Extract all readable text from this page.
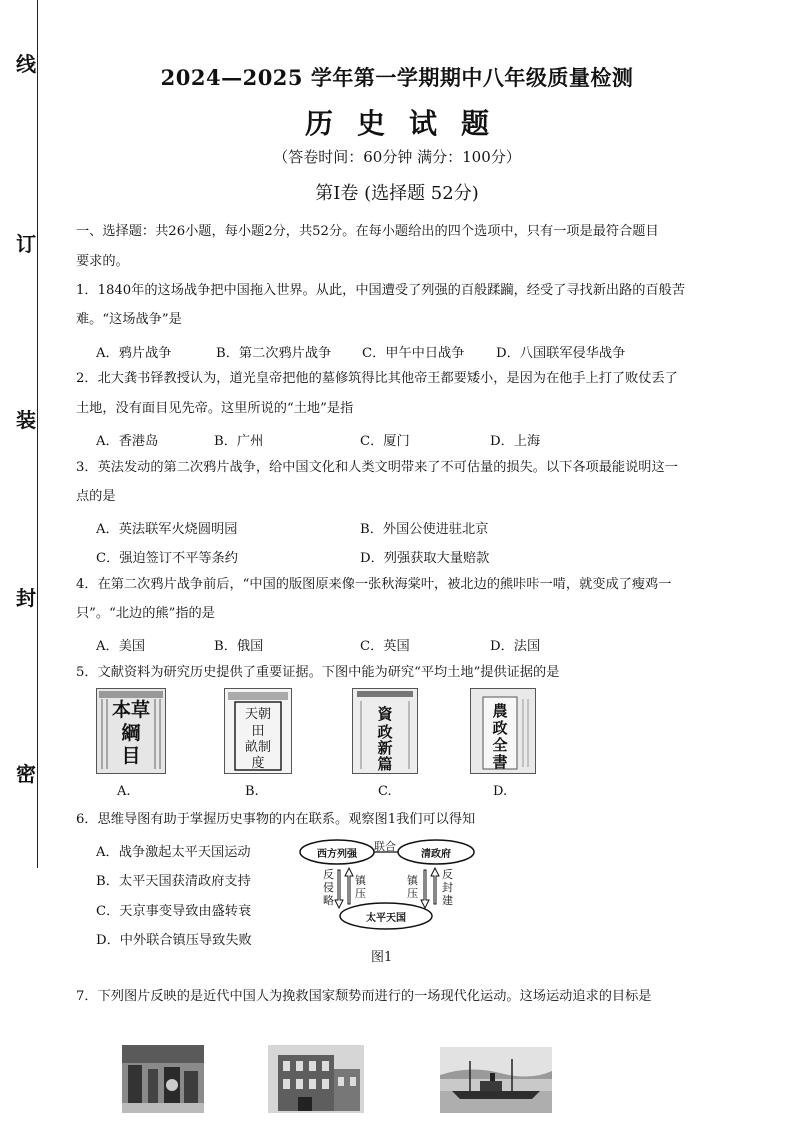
线
订
装
封
密
2024—2025 学年第一学期期中八年级质量检测
历史试题
（答卷时间：60分钟 满分：100分）
第Ⅰ卷 (选择题 52分)
一、选择题：共26小题，每小题2分，共52分。在每小题给出的四个选项中，只有一项是最符合题目
要求的。
1．1840年的这场战争把中国拖入世界。从此，中国遭受了列强的百般蹂躏，经受了寻找新出路的百般苦
难。“这场战争”是
A．鸦片战争	B．第二次鸦片战争 C．甲午中日战争 D．八国联军侵华战争
2．北大龚书铎教授认为，道光皇帝把他的墓修筑得比其他帝王都要矮小，是因为在他手上打了败仗丢了
土地，没有面目见先帝。这里所说的“土地”是指
A．香港岛	B．广州	C．厦门	D．上海
3．英法发动的第二次鸦片战争，给中国文化和人类文明带来了不可估量的损失。以下各项最能说明这一
点的是
A．英法联军火烧圆明园	B．外国公使进驻北京
C．强迫签订不平等条约	D．列强获取大量赔款
4．在第二次鸦片战争前后，“中国的版图原来像一张秋海棠叶，被北边的熊咔咔一啃，就变成了瘦鸡一
只”。“北边的熊”指的是
A．美国	B．俄国	C．英国	D．法国
5．文献资料为研究历史提供了重要证据。下图中能为研究“平均土地”提供证据的是
本草
綱
目
A.
天朝
田
畝制
度
B.
資
政
新
篇
C.
農
政
全
書
D.
6．思维导图有助于掌握历史事物的内在联系。观察图1我们可以得知
A．战争激起太平天国运动
B．太平天国获清政府支持
C．天京事变导致由盛转衰
D．中外联合镇压导致失败
西方列强	清政府
太平天国
联合
反侵略
镇压
镇压
反封建
图1
7．下列图片反映的是近代中国人为挽救国家颓势而进行的一场现代化运动。这场运动追求的目标是
